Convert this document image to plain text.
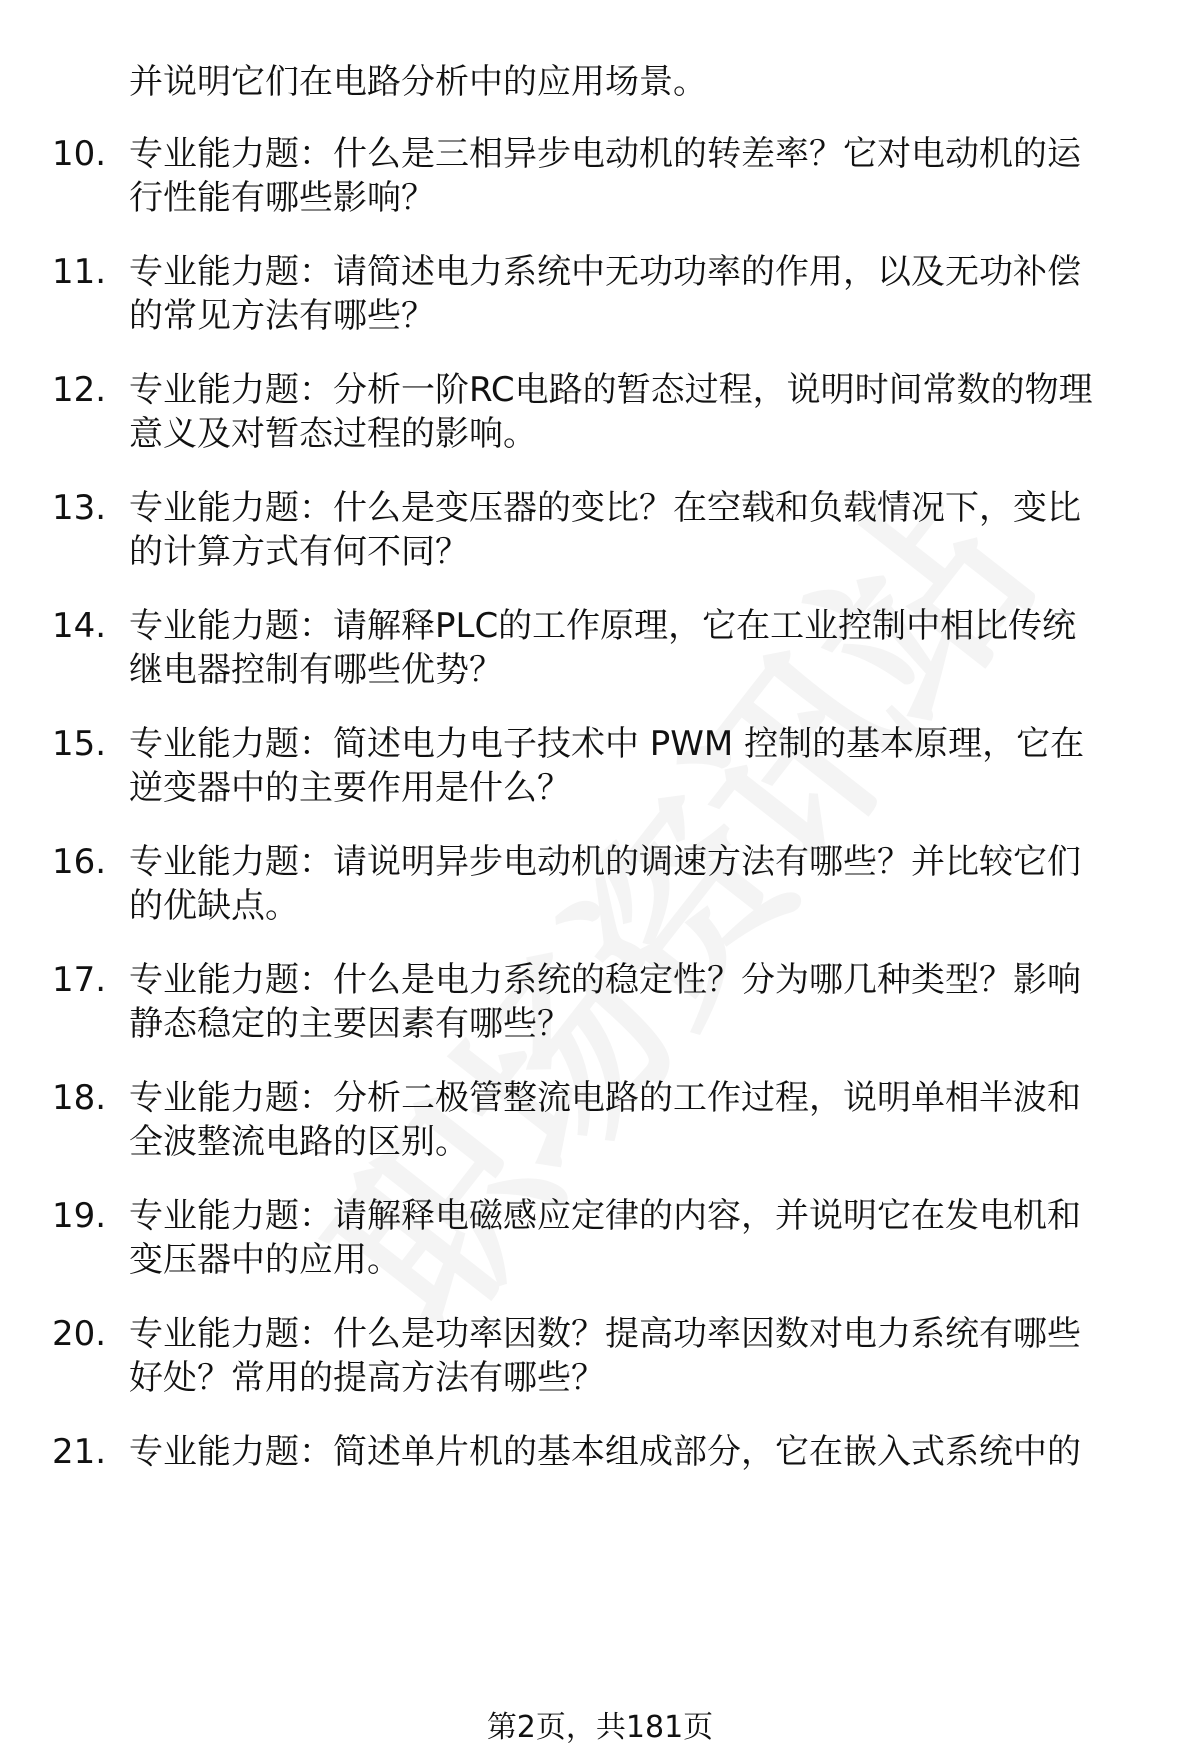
并说明它们在电路分析中的应用场景。
10. 专业能力题：什么是三相异步电动机的转差率？它对电动机的运
行性能有哪些影响？
11. 专业能力题：请简述电力系统中无功功率的作用，以及无功补偿
的常见方法有哪些？
12. 专业能力题：分析一阶RC电路的暂态过程，说明时间常数的物理
意义及对暂态过程的影响。
13. 专业能力题：什么是变压器的变比？在空载和负载情况下，变比
的计算方式有何不同？
14. 专业能力题：请解释PLC的工作原理，它在工业控制中相比传统
继电器控制有哪些优势？
15. 专业能力题：简述电力电子技术中 PWM 控制的基本原理，它在
逆变器中的主要作用是什么？
16. 专业能力题：请说明异步电动机的调速方法有哪些？并比较它们
的优缺点。
17. 专业能力题：什么是电力系统的稳定性？分为哪几种类型？影响
静态稳定的主要因素有哪些？
18. 专业能力题：分析二极管整流电路的工作过程，说明单相半波和
全波整流电路的区别。
19. 专业能力题：请解释电磁感应定律的内容，并说明它在发电机和
变压器中的应用。
20. 专业能力题：什么是功率因数？提高功率因数对电力系统有哪些
好处？常用的提高方法有哪些？
21. 专业能力题：简述单片机的基本组成部分，它在嵌入式系统中的
第2页，共181页
